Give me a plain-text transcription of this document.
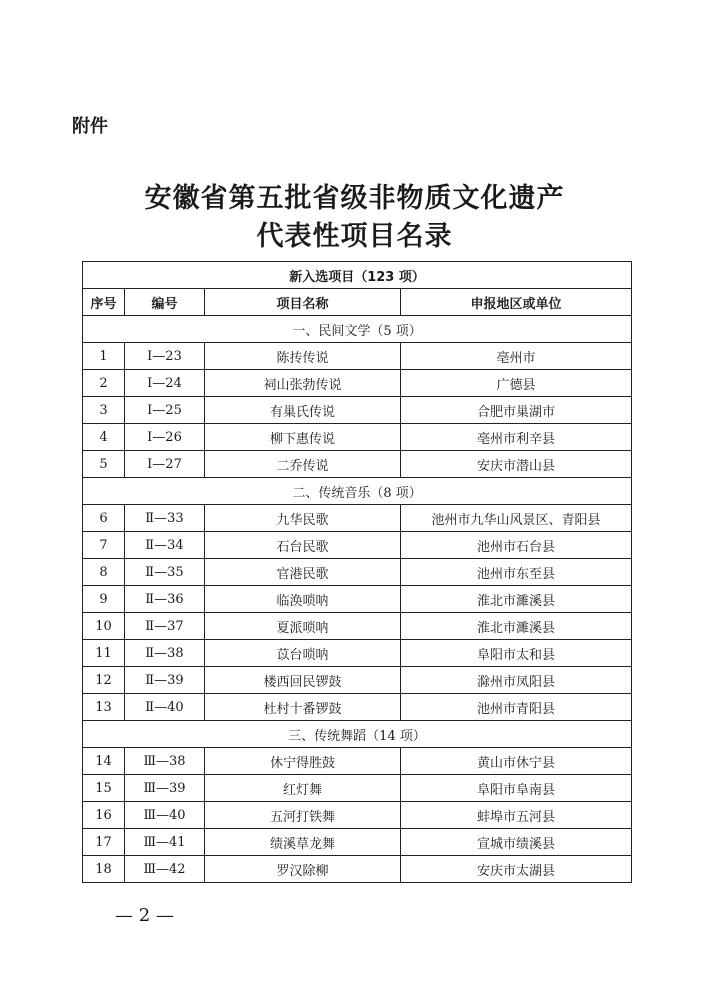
附件
安徽省第五批省级非物质文化遗产
代表性项目名录
新入选项目（123 项）			
序号	编号	项目名称	申报地区或单位
一、民间文学（5 项）			
1	Ⅰ—23	陈抟传说	亳州市
2	Ⅰ—24	祠山张勃传说	广德县
3	Ⅰ—25	有巢氏传说	合肥市巢湖市
4	Ⅰ—26	柳下惠传说	亳州市利辛县
5	Ⅰ—27	二乔传说	安庆市潜山县
二、传统音乐（8 项）			
6	Ⅱ—33	九华民歌	池州市九华山风景区、青阳县
7	Ⅱ—34	石台民歌	池州市石台县
8	Ⅱ—35	官港民歌	池州市东至县
9	Ⅱ—36	临涣唢呐	淮北市濉溪县
10	Ⅱ—37	夏派唢呐	淮北市濉溪县
11	Ⅱ—38	苡台唢呐	阜阳市太和县
12	Ⅱ—39	楼西回民锣鼓	滁州市凤阳县
13	Ⅱ—40	杜村十番锣鼓	池州市青阳县
三、传统舞蹈（14 项）			
14	Ⅲ—38	休宁得胜鼓	黄山市休宁县
15	Ⅲ—39	红灯舞	阜阳市阜南县
16	Ⅲ—40	五河打铁舞	蚌埠市五河县
17	Ⅲ—41	绩溪草龙舞	宣城市绩溪县
18	Ⅲ—42	罗汉除柳	安庆市太湖县
— 2 —
